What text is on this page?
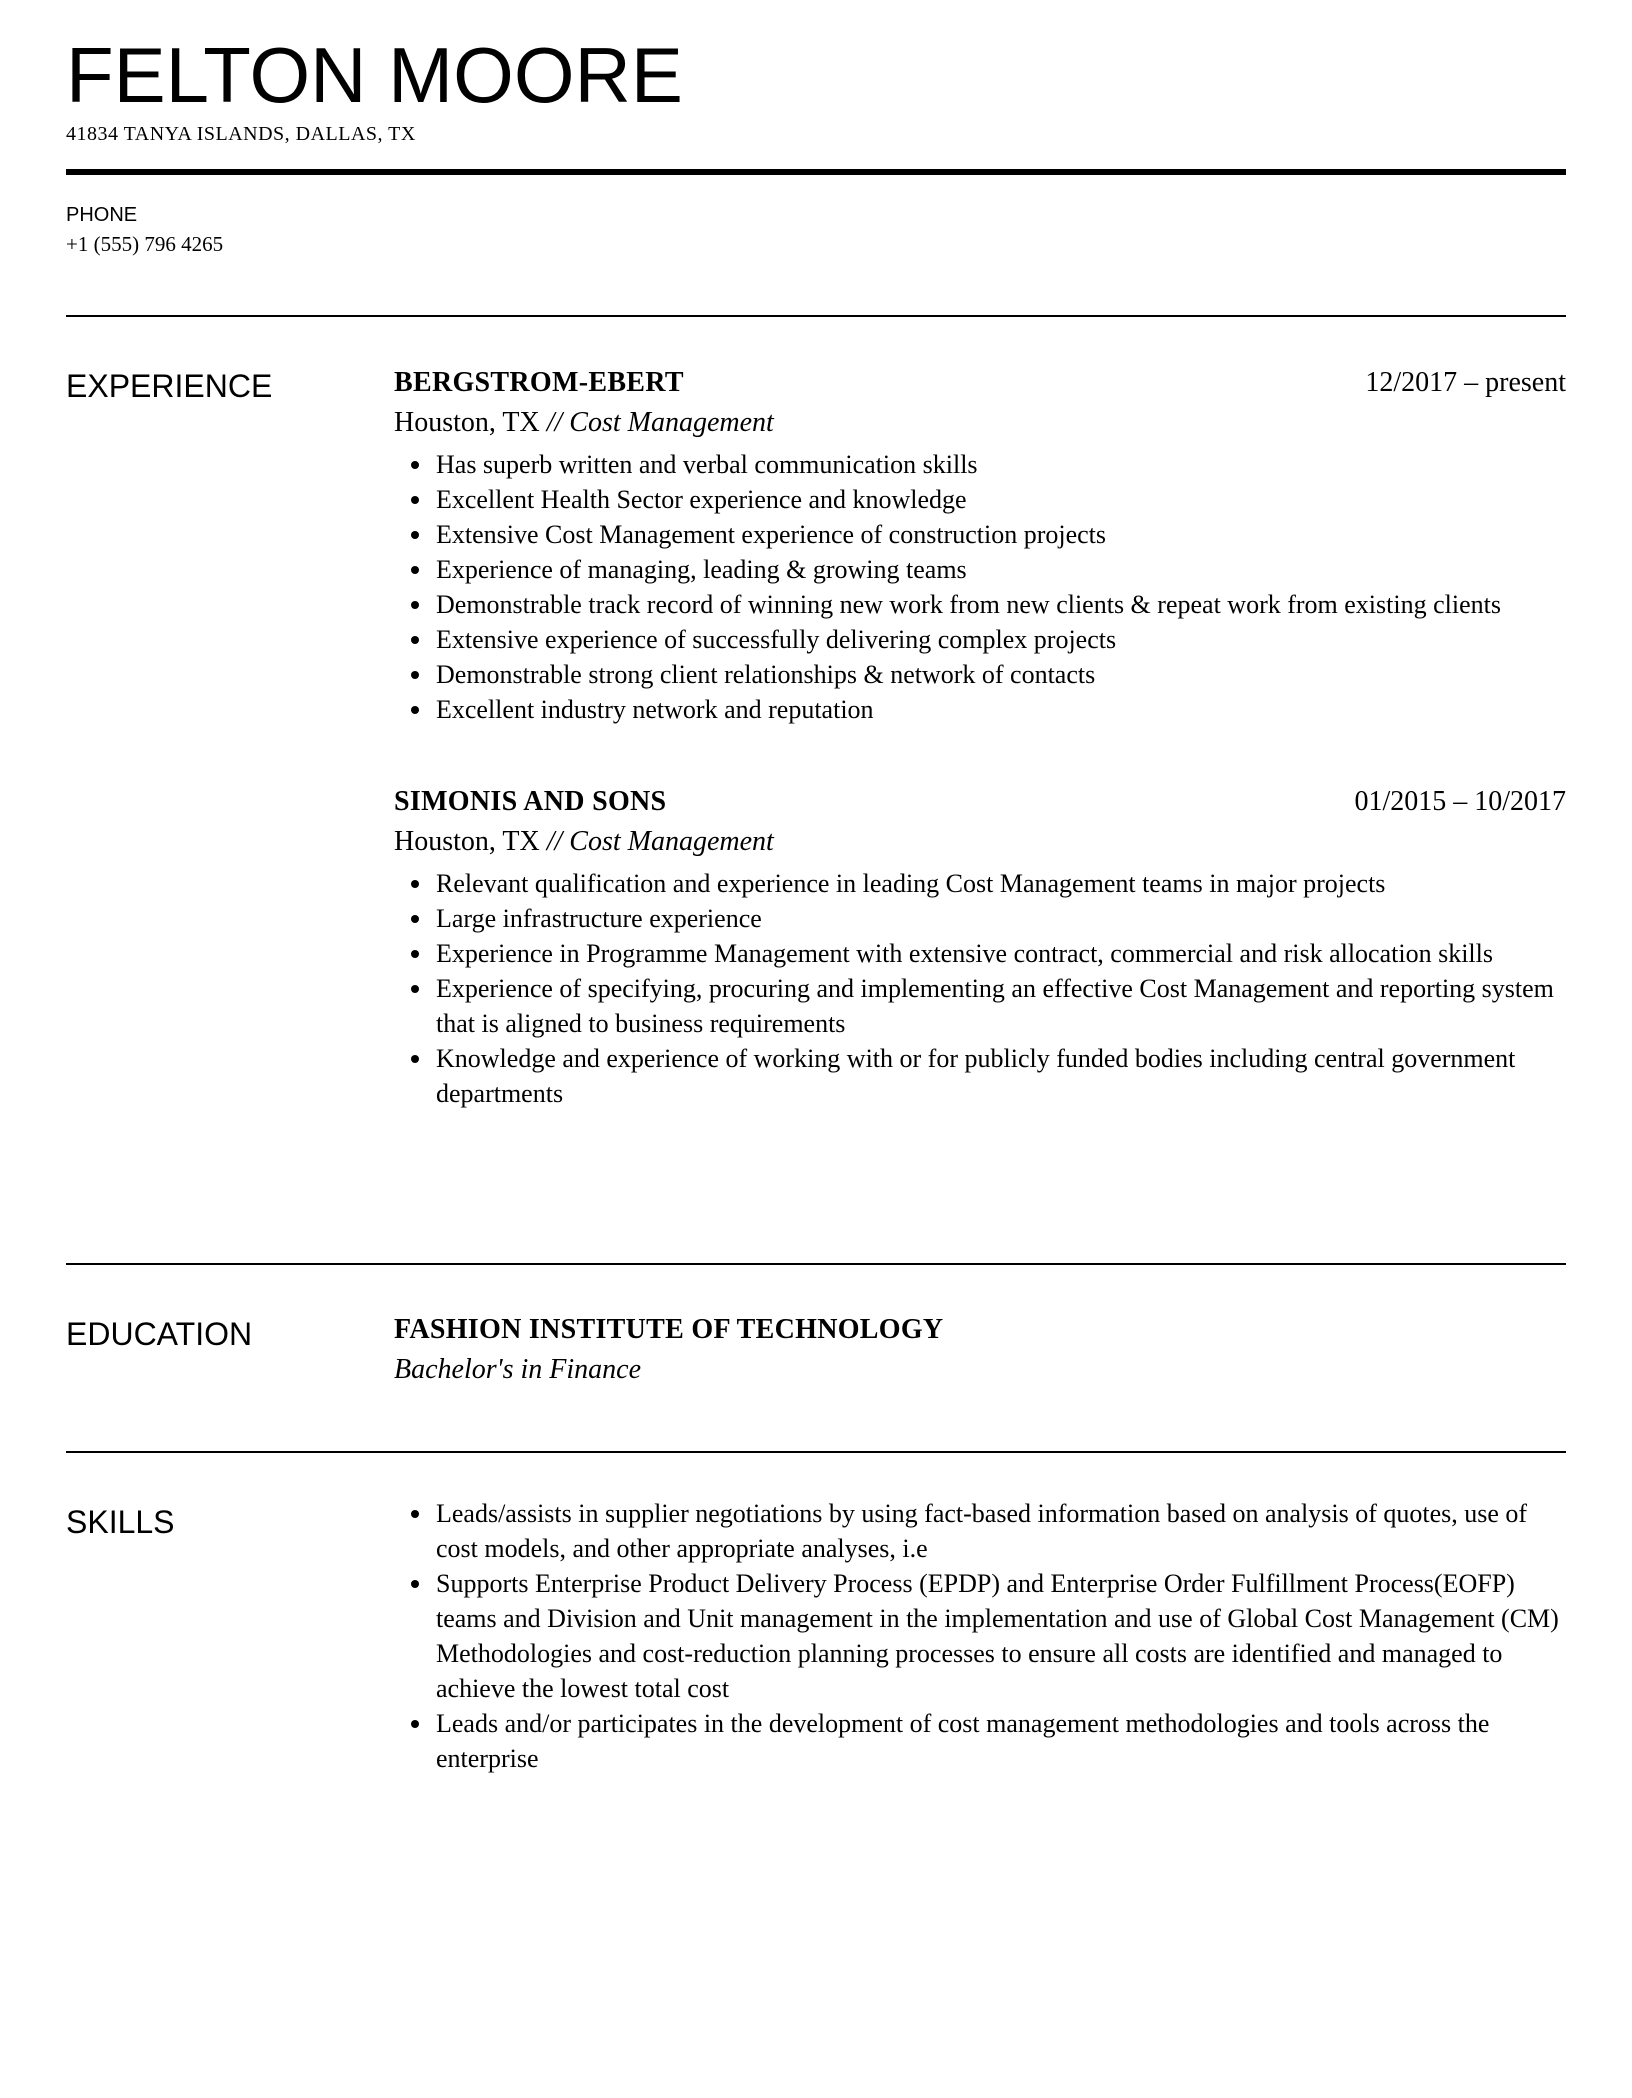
FELTON MOORE
41834 TANYA ISLANDS, DALLAS, TX
PHONE
+1 (555) 796 4265
EXPERIENCE	BERGSTROM-EBERT	12/2017 – present
Houston, TX // Cost Management
Has superb written and verbal communication skills
Excellent Health Sector experience and knowledge
Extensive Cost Management experience of construction projects
Experience of managing, leading & growing teams
Demonstrable track record of winning new work from new clients & repeat work from existing clients
Extensive experience of successfully delivering complex projects
Demonstrable strong client relationships & network of contacts
Excellent industry network and reputation
SIMONIS AND SONS	01/2015 – 10/2017
Houston, TX // Cost Management
Relevant qualification and experience in leading Cost Management teams in major projects
Large infrastructure experience
Experience in Programme Management with extensive contract, commercial and risk allocation skills
Experience of specifying, procuring and implementing an effective Cost Management and reporting system that is aligned to business requirements
Knowledge and experience of working with or for publicly funded bodies including central government departments
EDUCATION	FASHION INSTITUTE OF TECHNOLOGY
Bachelor's in Finance
SKILLS	Leads/assists in supplier negotiations by using fact-based information based on analysis of quotes, use of cost models, and other appropriate analyses, i.e
Supports Enterprise Product Delivery Process (EPDP) and Enterprise Order Fulfillment Process(EOFP) teams and Division and Unit management in the implementation and use of Global Cost Management (CM) Methodologies and cost-reduction planning processes to ensure all costs are identified and managed to achieve the lowest total cost
Leads and/or participates in the development of cost management methodologies and tools across the enterprise
